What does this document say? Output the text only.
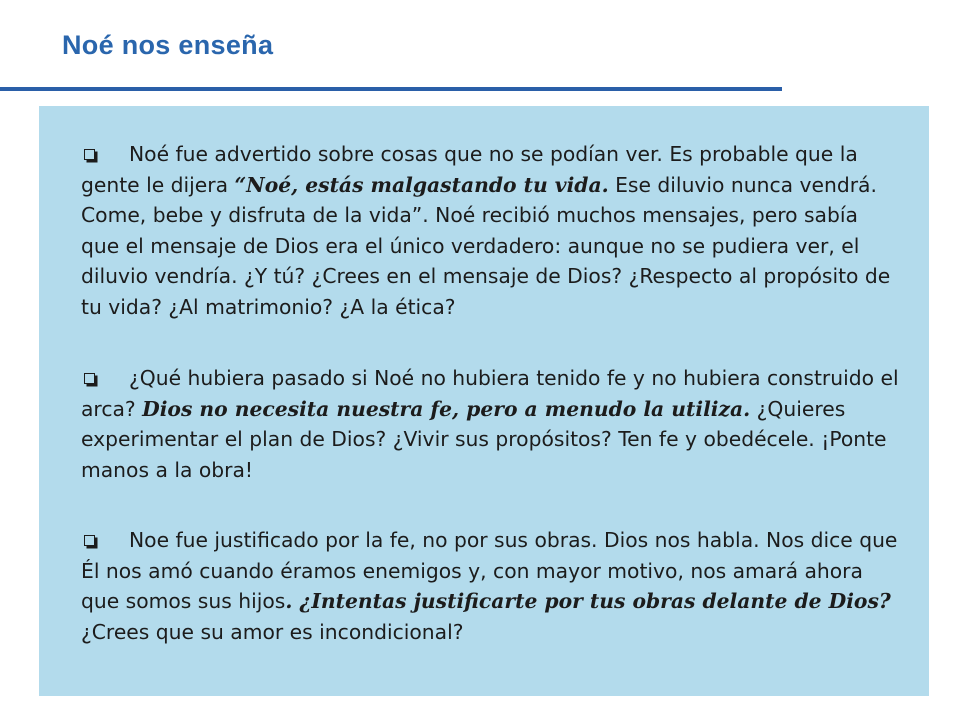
Noé nos enseña

Noé fue advertido sobre cosas que no se podían ver. Es probable que la gente le dijera “Noé, estás malgastando tu vida. Ese diluvio nunca vendrá. Come, bebe y disfruta de la vida”. Noé recibió muchos mensajes, pero sabía que el mensaje de Dios era el único verdadero: aunque no se pudiera ver, el diluvio vendría. ¿Y tú? ¿Crees en el mensaje de Dios? ¿Respecto al propósito de tu vida? ¿Al matrimonio? ¿A la ética?

¿Qué hubiera pasado si Noé no hubiera tenido fe y no hubiera construido el arca? Dios no necesita nuestra fe, pero a menudo la utiliza. ¿Quieres experimentar el plan de Dios? ¿Vivir sus propósitos? Ten fe y obedécele. ¡Ponte manos a la obra!

Noe fue justificado por la fe, no por sus obras. Dios nos habla. Nos dice que Él nos amó cuando éramos enemigos y, con mayor motivo, nos amará ahora que somos sus hijos. ¿Intentas justificarte por tus obras delante de Dios? ¿Crees que su amor es incondicional?
